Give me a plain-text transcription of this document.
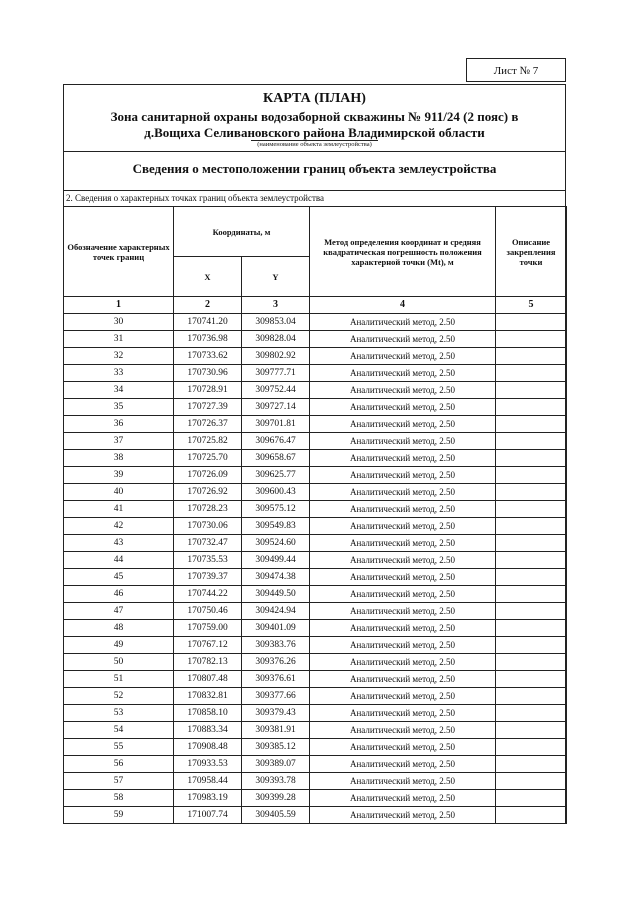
Лист № 7
КАРТА (ПЛАН)
Зона санитарной охраны водозаборной скважины № 911/24 (2 пояс) в
д.Вощиха Селивановского района Владимирской области
(наименование объекта землеустройства)
Сведения о местоположении границ объекта землеустройства
2. Сведения о характерных точках границ объекта землеустройства
Обозначение характерных точек границ	Координаты, м		Метод определения координат и средняя квадратическая погрешность положения характерной точки (Мt), м	Описание закрепления точки
	X	Y		
1	2	3	4	5
30	170741.20	309853.04	Аналитический метод, 2.50	
31	170736.98	309828.04	Аналитический метод, 2.50	
32	170733.62	309802.92	Аналитический метод, 2.50	
33	170730.96	309777.71	Аналитический метод, 2.50	
34	170728.91	309752.44	Аналитический метод, 2.50	
35	170727.39	309727.14	Аналитический метод, 2.50	
36	170726.37	309701.81	Аналитический метод, 2.50	
37	170725.82	309676.47	Аналитический метод, 2.50	
38	170725.70	309658.67	Аналитический метод, 2.50	
39	170726.09	309625.77	Аналитический метод, 2.50	
40	170726.92	309600.43	Аналитический метод, 2.50	
41	170728.23	309575.12	Аналитический метод, 2.50	
42	170730.06	309549.83	Аналитический метод, 2.50	
43	170732.47	309524.60	Аналитический метод, 2.50	
44	170735.53	309499.44	Аналитический метод, 2.50	
45	170739.37	309474.38	Аналитический метод, 2.50	
46	170744.22	309449.50	Аналитический метод, 2.50	
47	170750.46	309424.94	Аналитический метод, 2.50	
48	170759.00	309401.09	Аналитический метод, 2.50	
49	170767.12	309383.76	Аналитический метод, 2.50	
50	170782.13	309376.26	Аналитический метод, 2.50	
51	170807.48	309376.61	Аналитический метод, 2.50	
52	170832.81	309377.66	Аналитический метод, 2.50	
53	170858.10	309379.43	Аналитический метод, 2.50	
54	170883.34	309381.91	Аналитический метод, 2.50	
55	170908.48	309385.12	Аналитический метод, 2.50	
56	170933.53	309389.07	Аналитический метод, 2.50	
57	170958.44	309393.78	Аналитический метод, 2.50	
58	170983.19	309399.28	Аналитический метод, 2.50	
59	171007.74	309405.59	Аналитический метод, 2.50	
